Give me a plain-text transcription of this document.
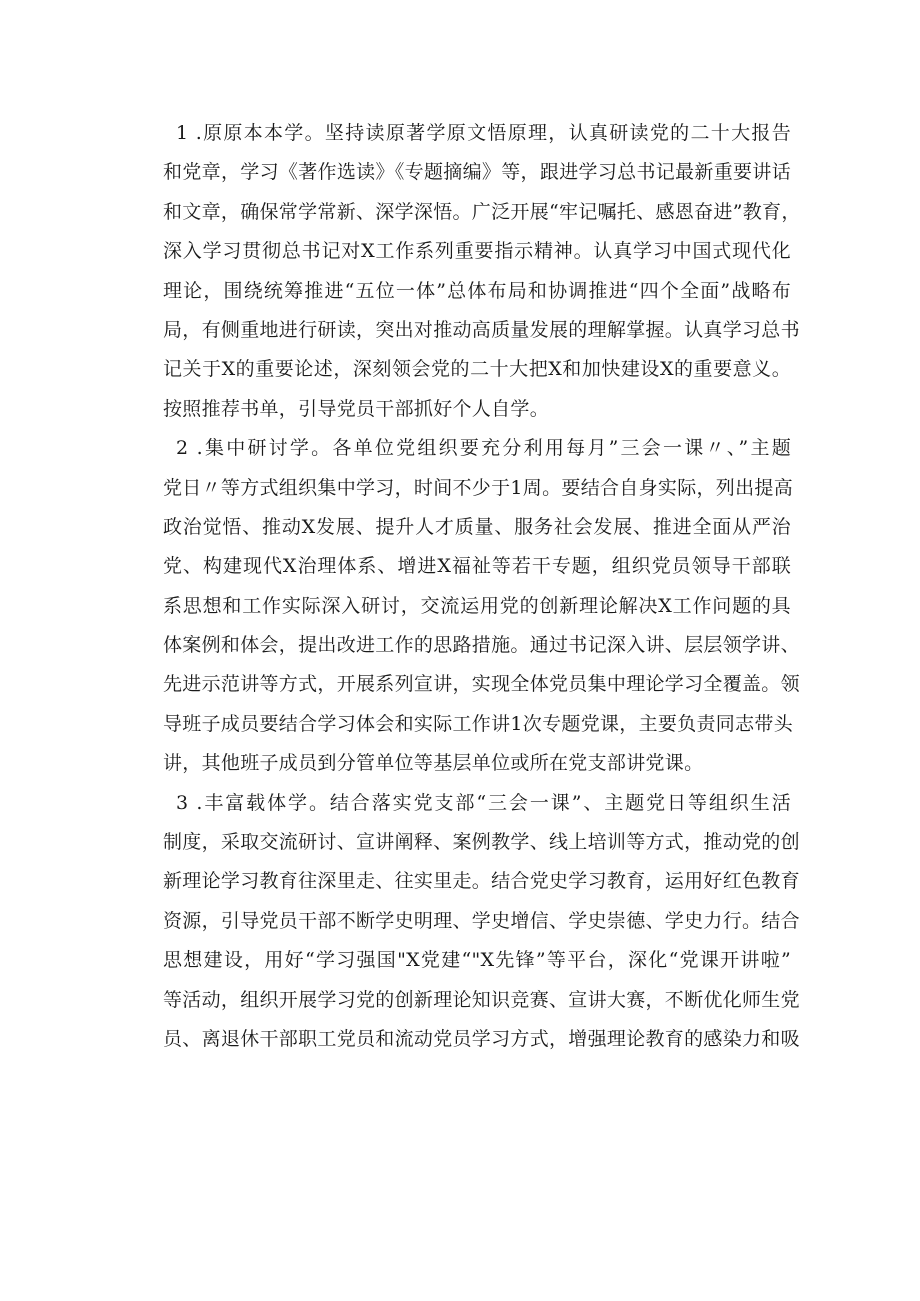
1 .原原本本学。坚持读原著学原文悟原理，认真研读党的二十大报告
和党章，学习《著作选读》《专题摘编》等，跟进学习总书记最新重要讲话
和文章，确保常学常新、深学深悟。广泛开展“牢记嘱托、感恩奋进”教育，
深入学习贯彻总书记对X工作系列重要指示精神。认真学习中国式现代化
理论，围绕统筹推进“五位一体”总体布局和协调推进“四个全面”战略布
局，有侧重地进行研读，突出对推动高质量发展的理解掌握。认真学习总书
记关于X的重要论述，深刻领会党的二十大把X和加快建设X的重要意义。
按照推荐书单，引导党员干部抓好个人自学。
2 .集中研讨学。各单位党组织要充分利用每月”三会一课〃、”主题
党日〃等方式组织集中学习，时间不少于1周。要结合自身实际，列出提高
政治觉悟、推动X发展、提升人才质量、服务社会发展、推进全面从严治
党、构建现代X治理体系、增进X福祉等若干专题，组织党员领导干部联
系思想和工作实际深入研讨，交流运用党的创新理论解决X工作问题的具
体案例和体会，提出改进工作的思路措施。通过书记深入讲、层层领学讲、
先进示范讲等方式，开展系列宣讲，实现全体党员集中理论学习全覆盖。领
导班子成员要结合学习体会和实际工作讲1次专题党课，主要负责同志带头
讲，其他班子成员到分管单位等基层单位或所在党支部讲党课。
3 .丰富载体学。结合落实党支部“三会一课”、主题党日等组织生活
制度，采取交流研讨、宣讲阐释、案例教学、线上培训等方式，推动党的创
新理论学习教育往深里走、往实里走。结合党史学习教育，运用好红色教育
资源，引导党员干部不断学史明理、学史增信、学史崇德、学史力行。结合
思想建设，用好“学习强国"X党建“"X先锋”等平台，深化“党课开讲啦”
等活动，组织开展学习党的创新理论知识竞赛、宣讲大赛，不断优化师生党
员、离退休干部职工党员和流动党员学习方式，增强理论教育的感染力和吸
